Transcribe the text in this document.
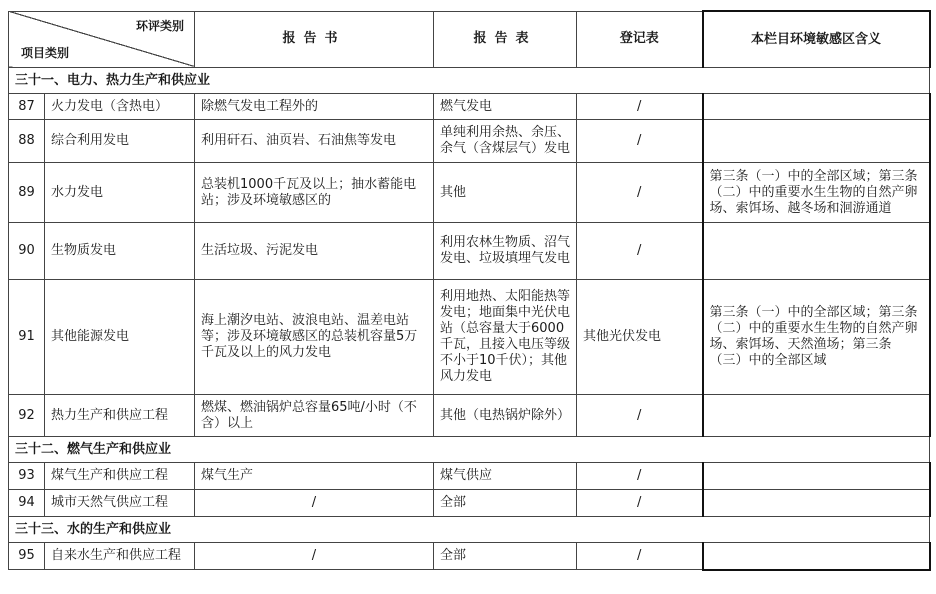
环评类别
项目类别		报告书	报告表	登记表	本栏目环境敏感区含义
三十一、电力、热力生产和供应业					
87	火力发电（含热电）	除燃气发电工程外的	燃气发电	/	
88	综合利用发电	利用矸石、油页岩、石油焦等发电	单纯利用余热、余压、余气（含煤层气）发电	/	
89	水力发电	总装机1000千瓦及以上；抽水蓄能电站；涉及环境敏感区的	其他	/	第三条（一）中的全部区域；第三条（二）中的重要水生生物的自然产卵场、索饵场、越冬场和洄游通道
90	生物质发电	生活垃圾、污泥发电	利用农林生物质、沼气发电、垃圾填埋气发电	/	
91	其他能源发电	海上潮汐电站、波浪电站、温差电站等；涉及环境敏感区的总装机容量5万千瓦及以上的风力发电	利用地热、太阳能热等发电；地面集中光伏电站（总容量大于6000千瓦，且接入电压等级不小于10千伏）；其他风力发电	其他光伏发电	第三条（一）中的全部区域；第三条（二）中的重要水生生物的自然产卵场、索饵场、天然渔场；第三条（三）中的全部区域
92	热力生产和供应工程	燃煤、燃油锅炉总容量65吨/小时（不含）以上	其他（电热锅炉除外）	/	
三十二、燃气生产和供应业					
93	煤气生产和供应工程	煤气生产	煤气供应	/	
94	城市天然气供应工程	/	全部	/	
三十三、水的生产和供应业					
95	自来水生产和供应工程	/	全部	/	
